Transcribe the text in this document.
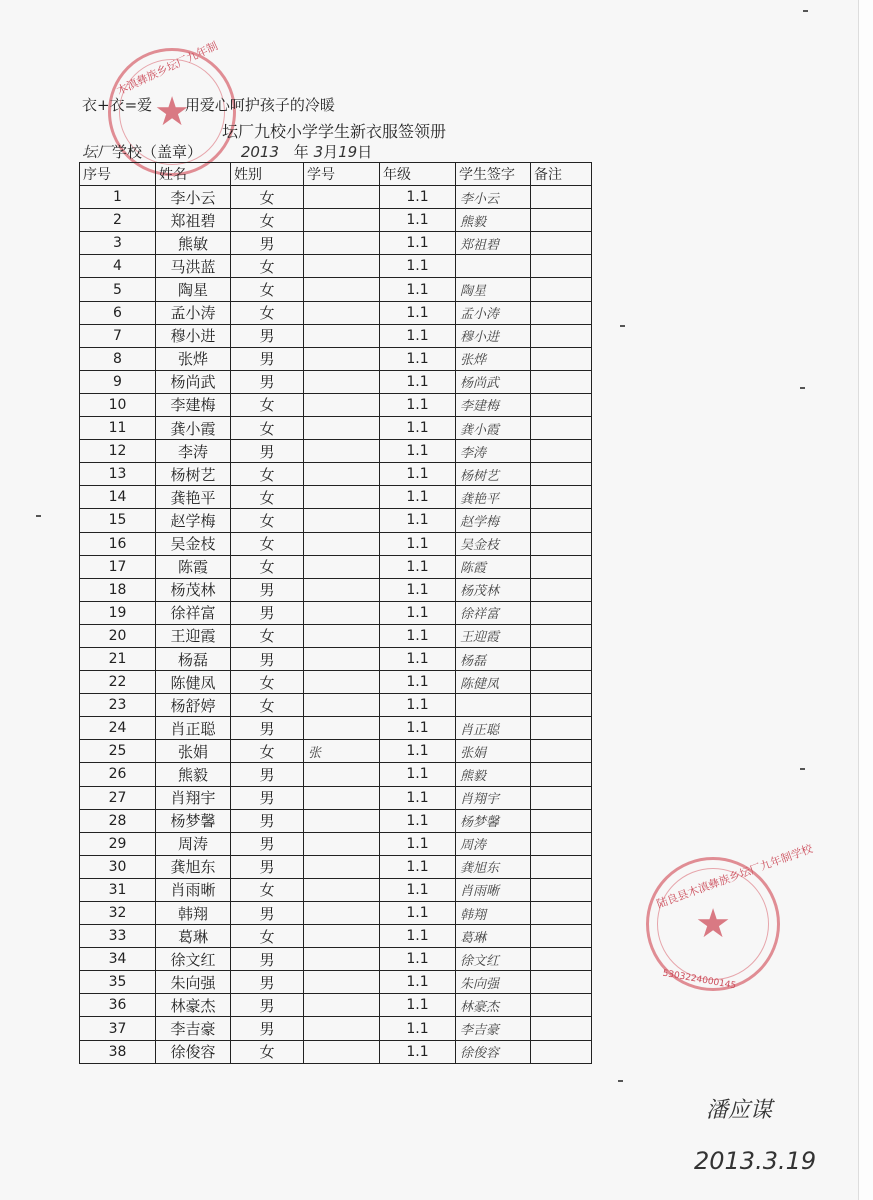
★
木滇彝族乡坛厂九年制
★
陆良县木滇彝族乡坛厂九年制学校
5303224000145
衣+衣=爱 用爱心呵护孩子的冷暖
坛厂九校小学学生新衣服签领册
坛厂学校（盖章）	2013 年 3月19日
序号	姓名	姓别	学号	年级	学生签字	备注
1	李小云	女		1.1	李小云	
2	郑祖碧	女		1.1	熊毅	
3	熊敏	男		1.1	郑祖碧	
4	马洪蓝	女		1.1		
5	陶星	女		1.1	陶星	
6	孟小涛	女		1.1	孟小涛	
7	穆小进	男		1.1	穆小进	
8	张烨	男		1.1	张烨	
9	杨尚武	男		1.1	杨尚武	
10	李建梅	女		1.1	李建梅	
11	龚小霞	女		1.1	龚小霞	
12	李涛	男		1.1	李涛	
13	杨树艺	女		1.1	杨树艺	
14	龚艳平	女		1.1	龚艳平	
15	赵学梅	女		1.1	赵学梅	
16	吴金枝	女		1.1	吴金枝	
17	陈霞	女		1.1	陈霞	
18	杨茂林	男		1.1	杨茂林	
19	徐祥富	男		1.1	徐祥富	
20	王迎霞	女		1.1	王迎霞	
21	杨磊	男		1.1	杨磊	
22	陈健凤	女		1.1	陈健凤	
23	杨舒婷	女		1.1		
24	肖正聪	男		1.1	肖正聪	
25	张娟	女	张	1.1	张娟	
26	熊毅	男		1.1	熊毅	
27	肖翔宇	男		1.1	肖翔宇	
28	杨梦馨	男		1.1	杨梦馨	
29	周涛	男		1.1	周涛	
30	龚旭东	男		1.1	龚旭东	
31	肖雨晰	女		1.1	肖雨晰	
32	韩翔	男		1.1	韩翔	
33	葛琳	女		1.1	葛琳	
34	徐文红	男		1.1	徐文红	
35	朱向强	男		1.1	朱向强	
36	林豪杰	男		1.1	林豪杰	
37	李吉豪	男		1.1	李吉豪	
38	徐俊容	女		1.1	徐俊容	
潘应谋
2013.3.19
